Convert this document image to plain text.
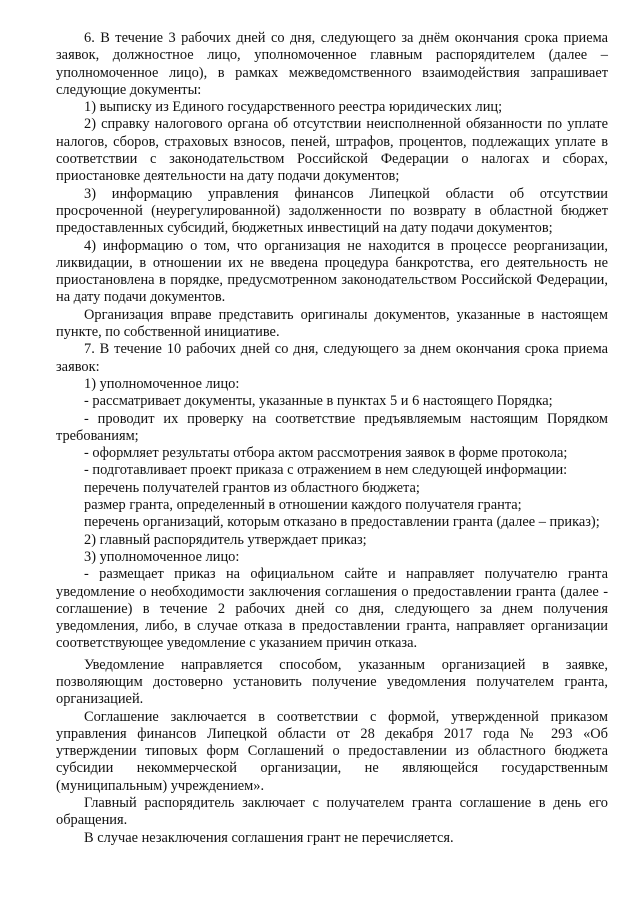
6. В течение 3 рабочих дней со дня, следующего за днём окончания срока приема заявок, должностное лицо, уполномоченное главным распорядителем (далее – уполномоченное лицо), в рамках межведомственного взаимодействия запрашивает следующие документы:

1) выписку из Единого государственного реестра юридических лиц;

2) справку налогового органа об отсутствии неисполненной обязанности по уплате налогов, сборов, страховых взносов, пеней, штрафов, процентов, подлежащих уплате в соответствии с законодательством Российской Федерации о налогах и сборах, приостановке деятельности на дату подачи документов;

3) информацию управления финансов Липецкой области об отсутствии просроченной (неурегулированной) задолженности по возврату в областной бюджет предоставленных субсидий, бюджетных инвестиций на дату подачи документов;

4) информацию о том, что организация не находится в процессе реорганизации, ликвидации, в отношении их не введена процедура банкротства, его деятельность не приостановлена в порядке, предусмотренном законодательством Российской Федерации, на дату подачи документов.

Организация вправе представить оригиналы документов, указанные в настоящем пункте, по собственной инициативе.

7. В течение 10 рабочих дней со дня, следующего за днем окончания срока приема заявок:

1) уполномоченное лицо:

- рассматривает документы, указанные в пунктах 5 и 6 настоящего Порядка;

- проводит их проверку на соответствие предъявляемым настоящим Порядком требованиям;

- оформляет результаты отбора актом рассмотрения заявок в форме протокола;

- подготавливает проект приказа с отражением в нем следующей информации:

перечень получателей грантов из областного бюджета;

размер гранта, определенный в отношении каждого получателя гранта;

перечень организаций, которым отказано в предоставлении гранта (далее – приказ);

2) главный распорядитель утверждает приказ;

3) уполномоченное лицо:

- размещает приказ на официальном сайте и направляет получателю гранта уведомление о необходимости заключения соглашения о предоставлении гранта (далее - соглашение) в течение 2 рабочих дней со дня, следующего за днем получения уведомления, либо, в случае отказа в предоставлении гранта, направляет организации соответствующее уведомление с указанием причин отказа.

Уведомление направляется способом, указанным организацией в заявке, позволяющим достоверно установить получение уведомления получателем гранта, организацией.

Соглашение заключается в соответствии с формой, утвержденной приказом управления финансов Липецкой области от 28 декабря 2017 года № 293 «Об утверждении типовых форм Соглашений о предоставлении из областного бюджета субсидии некоммерческой организации, не являющейся государственным (муниципальным) учреждением».

Главный распорядитель заключает с получателем гранта соглашение в день его обращения.

В случае незаключения соглашения грант не перечисляется.
